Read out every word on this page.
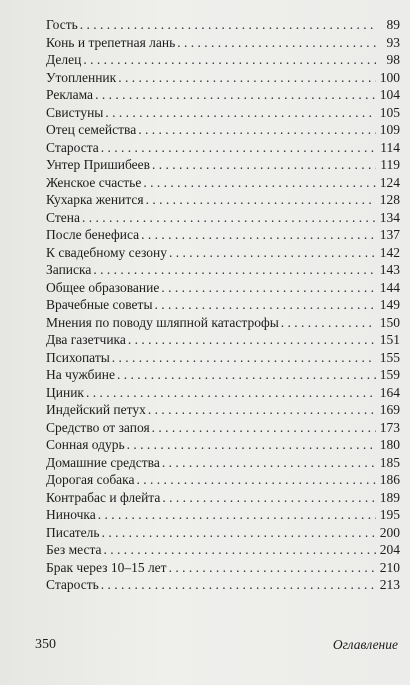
Гость . . .	89
Конь и трепетная лань . . .	93
Делец . . .	98
Утопленник . . .	100
Реклама . . .	104
Свистуны . . .	105
Отец семейства . . .	109
Староста . . .	114
Унтер Пришибеев . . .	119
Женское счастье . . .	124
Кухарка женится . . .	128
Стена . . .	134
После бенефиса . . .	137
К свадебному сезону . . .	142
Записка . . .	143
Общее образование . . .	144
Врачебные советы . . .	149
Мнения по поводу шляпной катастрофы . . .	150
Два газетчика . . .	151
Психопаты . . .	155
На чужбине . . .	159
Циник . . .	164
Индейский петух . . .	169
Средство от запоя . . .	173
Сонная одурь . . .	180
Домашние средства . . .	185
Дорогая собака . . .	186
Контрабас и флейта . . .	189
Ниночка . . .	195
Писатель . . .	200
Без места . . .	204
Брак через 10–15 лет . . .	210
Старость . . .	213
350	Оглавление
